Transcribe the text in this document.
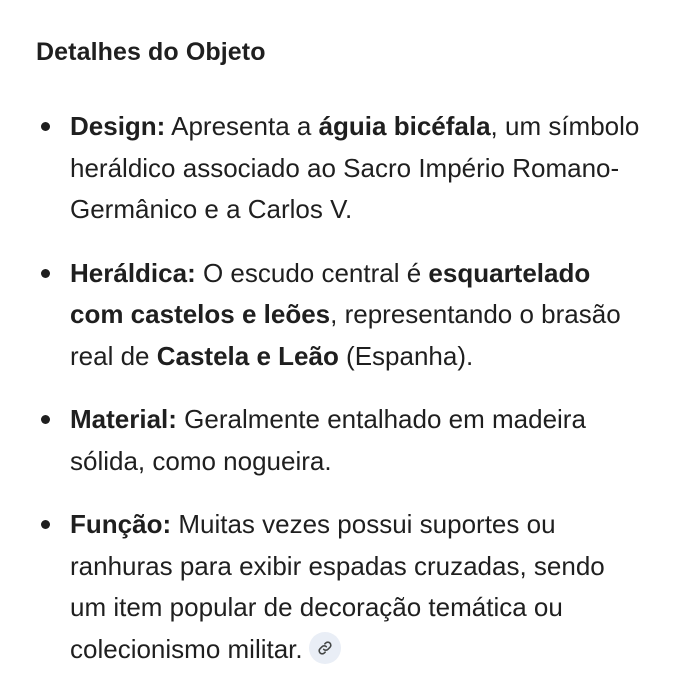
Detalhes do Objeto
Design: Apresenta a águia bicéfala, um símbolo heráldico associado ao Sacro Império Romano-Germânico e a Carlos V.
Heráldica: O escudo central é esquartelado com castelos e leões, representando o brasão real de Castela e Leão (Espanha).
Material: Geralmente entalhado em madeira sólida, como nogueira.
Função: Muitas vezes possui suportes ou ranhuras para exibir espadas cruzadas, sendo um item popular de decoração temática ou colecionismo militar.
